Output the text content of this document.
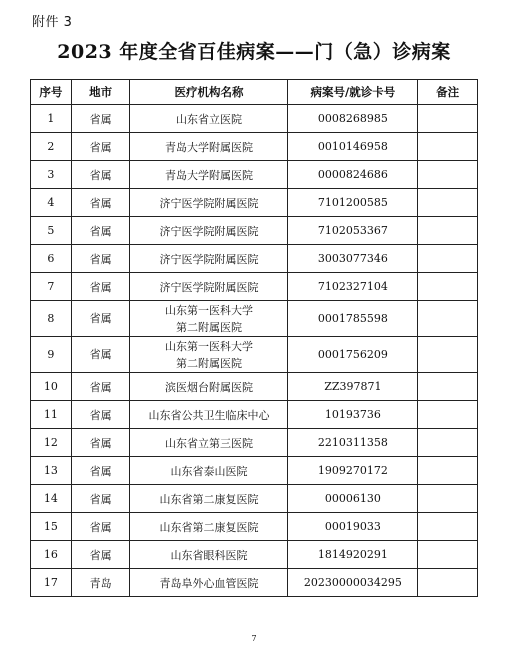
附件 3
2023 年度全省百佳病案——门（急）诊病案
序号	地市	医疗机构名称	病案号/就诊卡号	备注
1	省属	山东省立医院	0008268985	
2	省属	青岛大学附属医院	0010146958	
3	省属	青岛大学附属医院	0000824686	
4	省属	济宁医学院附属医院	7101200585	
5	省属	济宁医学院附属医院	7102053367	
6	省属	济宁医学院附属医院	3003077346	
7	省属	济宁医学院附属医院	7102327104	
8	省属	山东第一医科大学
第二附属医院	0001785598	
9	省属	山东第一医科大学
第二附属医院	0001756209	
10	省属	滨医烟台附属医院	ZZ397871	
11	省属	山东省公共卫生临床中心	10193736	
12	省属	山东省立第三医院	2210311358	
13	省属	山东省泰山医院	1909270172	
14	省属	山东省第二康复医院	00006130	
15	省属	山东省第二康复医院	00019033	
16	省属	山东省眼科医院	1814920291	
17	青岛	青岛阜外心血管医院	20230000034295	
7
